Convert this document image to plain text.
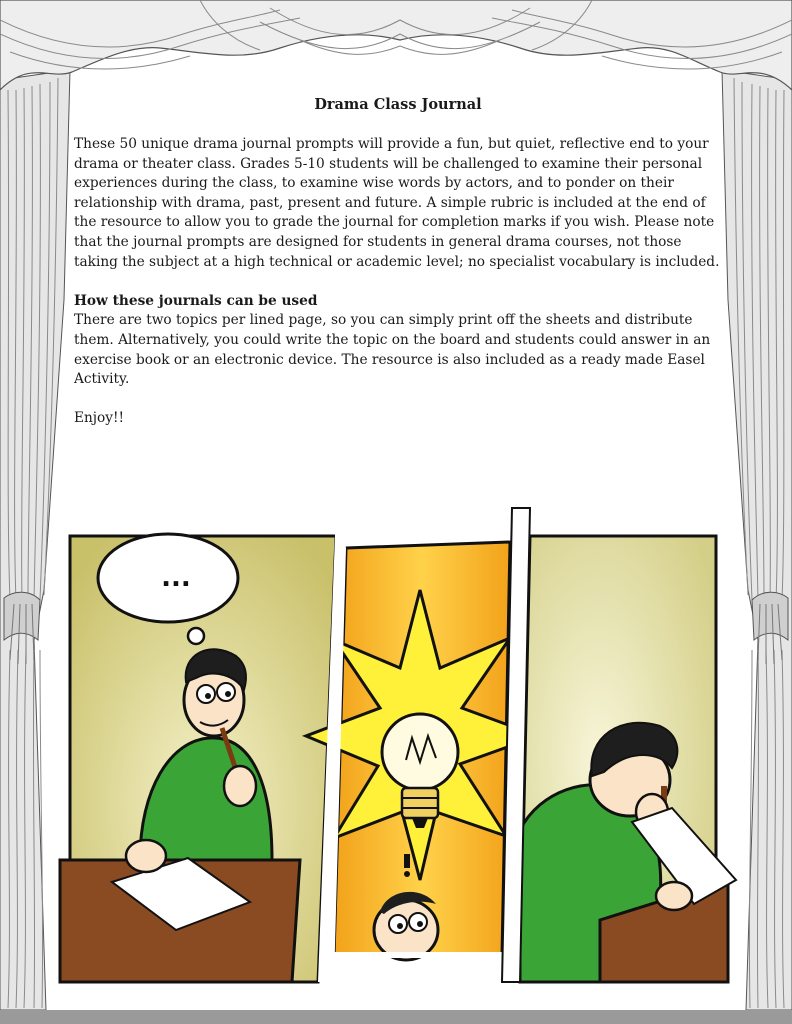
Drama Class Journal

These 50 unique drama journal prompts will provide a fun, but quiet, reflective end to your drama or theater class. Grades 5-10 students will be challenged to examine their personal experiences during the class, to examine wise words by actors, and to ponder on their relationship with drama, past, present and future. A simple rubric is included at the end of the resource to allow you to grade the journal for completion marks if you wish. Please note that the journal prompts are designed for students in general drama courses, not those taking the subject at a high technical or academic level; no specialist vocabulary is included.

How these journals can be used

There are two topics per lined page, so you can simply print off the sheets and distribute them. Alternatively, you could write the topic on the board and students could answer in an exercise book or an electronic device. The resource is also included as a ready made Easel Activity.

Enjoy!!

...
